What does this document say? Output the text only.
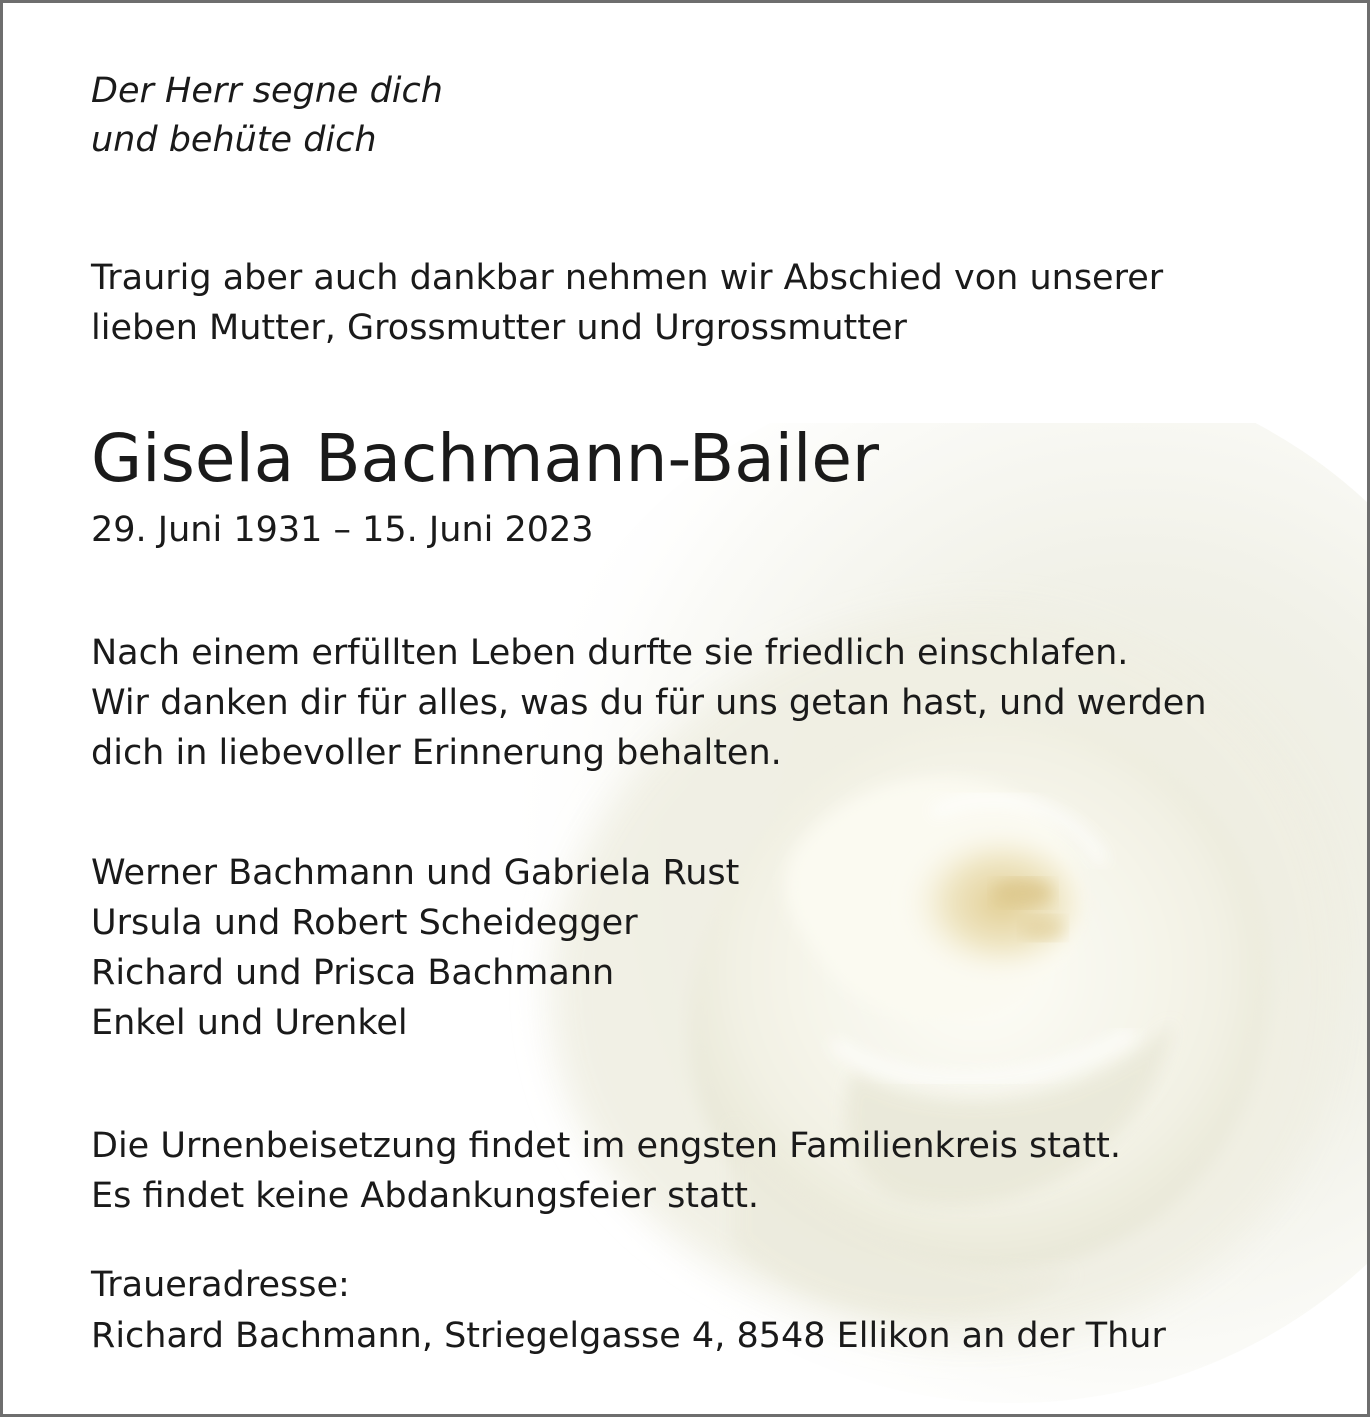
Der Herr segne dich
und behüte dich
Traurig aber auch dankbar nehmen wir Abschied von unserer
lieben Mutter, Grossmutter und Urgrossmutter
Gisela Bachmann-Bailer
29. Juni 1931 – 15. Juni 2023
Nach einem erfüllten Leben durfte sie friedlich einschlafen.
Wir danken dir für alles, was du für uns getan hast, und werden
dich in liebevoller Erinnerung behalten.
Werner Bachmann und Gabriela Rust
Ursula und Robert Scheidegger
Richard und Prisca Bachmann
Enkel und Urenkel
Die Urnenbeisetzung findet im engsten Familienkreis statt.
Es findet keine Abdankungsfeier statt.
Traueradresse:
Richard Bachmann, Striegelgasse 4, 8548 Ellikon an der Thur
